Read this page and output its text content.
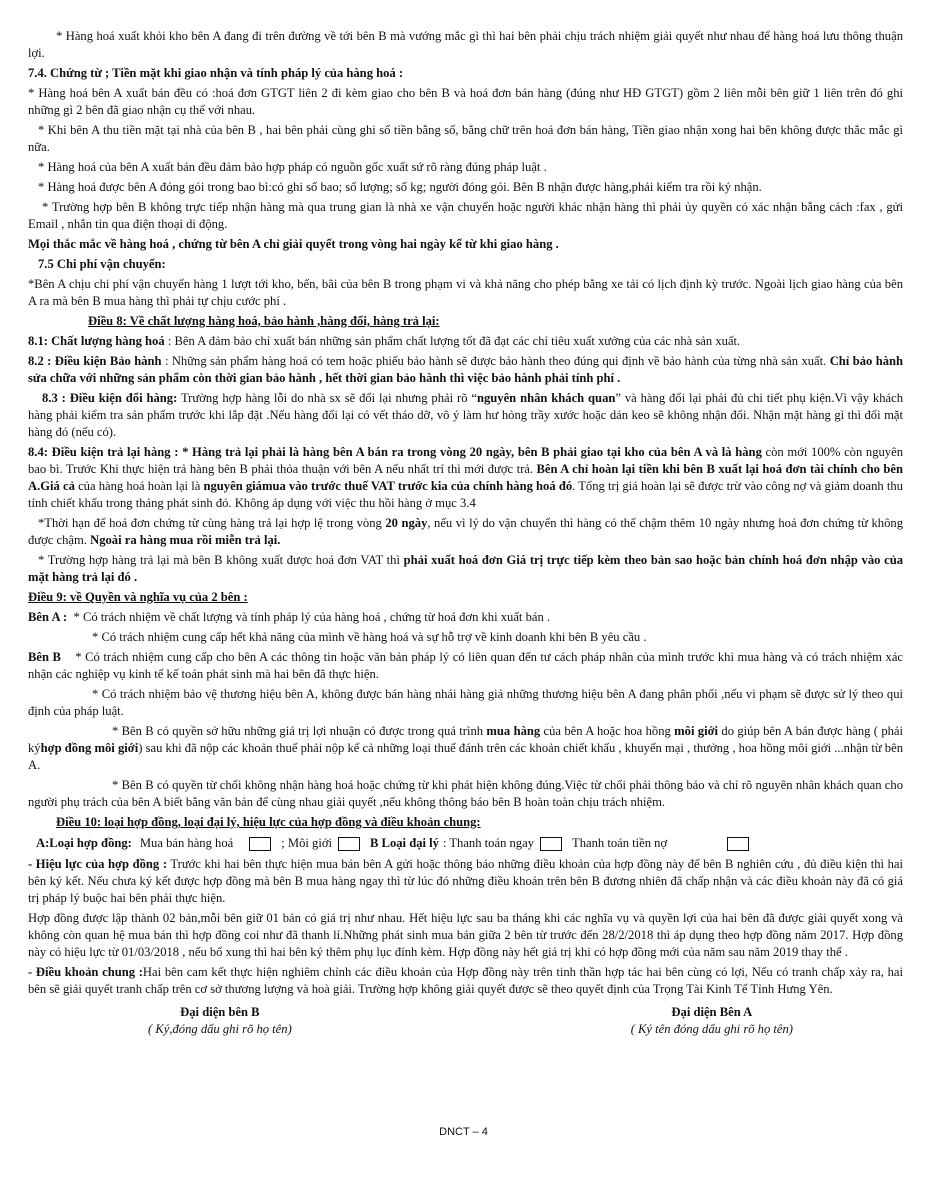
* Hàng hoá xuất khỏi kho bên A đang đi trên đường về tới bên B mà vướng mắc gì thì hai bên phải chịu trách nhiệm giải quyết như nhau để hàng hoá lưu thông thuận lợi.

7.4. Chứng từ ; Tiền mặt khi giao nhận và tính pháp lý của hàng hoá :

* Hàng hoá bên A xuất bán đều có :hoá đơn GTGT liên 2 đi kèm giao cho bên B và hoá đơn bán hàng (đúng như HĐ GTGT) gồm 2 liên mỗi bên giữ 1 liên trên đó ghi những gì 2 bên đã giao nhận cụ thể với nhau.

* Khi bên A thu tiền mặt tại nhà của bên B , hai bên phải cùng ghi số tiền bằng số, bằng chữ trên hoá đơn bán hàng, Tiền giao nhận xong hai bên không được thắc mắc gì nữa.

* Hàng hoá của bên A xuất bán đều đảm bảo hợp pháp có nguồn gốc xuất sứ rõ ràng đúng pháp luật .

* Hàng hoá được bên A đóng gói trong bao bì:có ghi số bao; số lượng; số kg; người đóng gói. Bên B nhận được hàng,phải kiểm tra rồi ký nhận.

* Trường hợp bên B không trực tiếp nhận hàng mà qua trung gian là nhà xe vận chuyển hoặc người khác nhận hàng thì phải ủy quyền có xác nhận bằng cách :fax , gửi Email , nhắn tin qua điện thoại di động.

Mọi thắc mắc về hàng hoá , chứng từ bên A chỉ giải quyết trong vòng hai ngày kể từ khi giao hàng .

7.5 Chi phí vận chuyển:

*Bên A chịu chi phí vận chuyển hàng 1 lượt tới kho, bến, bãi của bên B trong phạm vi và khả năng cho phép bằng xe tải có lịch định kỳ trước. Ngoài lịch giao hàng của bên A ra mà bên B mua hàng thì phải tự chịu cước phí .

Điều 8: Về chất lượng hàng hoá, bảo hành ,hàng đổi, hàng trả lại:

8.1: Chất lượng hàng hoá : Bên A đảm bảo chỉ xuất bán những sản phẩm chất lượng tốt đã đạt các chỉ tiêu xuất xưởng của các nhà sản xuất.

8.2 : Điều kiện Bảo hành : Những sản phẩm hàng hoá có tem hoặc phiếu bảo hành sẽ được bảo hành theo đúng qui định về bảo hành của từng nhà sản xuất. Chỉ bảo hành sửa chữa với những sản phẩm còn thời gian bảo hành , hết thời gian bảo hành thì việc bảo hành phải tính phí .

8.3 : Điều kiện đổi hàng: Trường hợp hàng lỗi do nhà sx sẽ đổi lại nhưng phải rõ “nguyên nhân khách quan” và hàng đổi lại phải đủ chi tiết phụ kiện.Vì vậy khách hàng phải kiểm tra sản phẩm trước khi lắp đặt .Nếu hàng đổi lại có vết tháo dỡ, vô ý làm hư hỏng trầy xước hoặc dán keo sẽ không nhận đổi. Nhận mặt hàng gì thì đổi mặt hàng đó (nếu có).

8.4: Điều kiện trả lại hàng : * Hàng trả lại phải là hàng bên A bán ra trong vòng 20 ngày, bên B phải giao tại kho của bên A và là hàng còn mới 100% còn nguyên bao bì. Trước Khi thực hiện trả hàng bên B phải thỏa thuận với bên A nếu nhất trí thì mới được trả. Bên A chỉ hoàn lại tiền khi bên B xuất lại hoá đơn tài chính cho bên A.Giá cả của hàng hoá hoàn lại là nguyên giámua vào trước thuế VAT trước kia của chính hàng hoá đó. Tổng trị giá hoàn lại sẽ được trừ vào công nợ và giảm doanh thu tính chiết khấu trong tháng phát sinh đó. Không áp dụng với việc thu hồi hàng ở mục 3.4

*Thời hạn để hoá đơn chứng từ cùng hàng trả lại hợp lệ trong vòng 20 ngày, nếu vì lý do vận chuyển thì hàng có thể chậm thêm 10 ngày nhưng hoá đơn chứng từ không được chậm. Ngoài ra hàng mua rồi miễn trả lại.

* Trường hợp hàng trả lại mà bên B không xuất được hoá đơn VAT thì phải xuất hoá đơn Giá trị trực tiếp kèm theo bản sao hoặc bản chính hoá đơn nhập vào của mặt hàng trả lại đó .

Điều 9: về Quyền và nghĩa vụ của 2 bên :

Bên A : * Có trách nhiệm về chất lượng và tính pháp lý của hàng hoá , chứng từ hoá đơn khi xuất bán .

* Có trách nhiệm cung cấp hết khả năng của mình về hàng hoá và sự hỗ trợ về kinh doanh khi bên B yêu cầu .

Bên B * Có trách nhiệm cung cấp cho bên A các thông tin hoặc văn bản pháp lý có liên quan đến tư cách pháp nhân của mình trước khi mua hàng và có trách nhiệm xác nhận các nghiệp vụ kinh tế kế toán phát sinh mà hai bên đã thực hiện.

* Có trách nhiệm bảo vệ thương hiệu bên A, không được bán hàng nhái hàng giả những thương hiệu bên A đang phân phối ,nếu vi phạm sẽ được sử lý theo qui định của pháp luật.

* Bên B có quyền sở hữu những giá trị lợi nhuận có được trong quá trình mua hàng của bên A hoặc hoa hồng môi giới do giúp bên A bán được hàng ( phải kýhợp đồng môi giới) sau khi đã nộp các khoản thuế phải nộp kể cả những loại thuế đánh trên các khoản chiết khấu , khuyến mại , thưởng , hoa hồng môi giới ...nhận từ bên A.

* Bên B có quyền từ chối không nhận hàng hoá hoặc chứng từ khi phát hiện không đúng.Việc từ chối phải thông báo và chỉ rõ nguyên nhân khách quan cho người phụ trách của bên A biết bằng văn bản để cùng nhau giải quyết ,nếu không thông báo bên B hoàn toàn chịu trách nhiệm.

Điều 10: loại hợp đồng, loại đại lý, hiệu lực của hợp đồng và điều khoản chung:

A:Loại hợp đồng: Mua bán hàng hoá	; Môi giới	B Loại đại lý : Thanh toán ngay	Thanh toán tiền nợ

- Hiệu lực của hợp đồng : Trước khi hai bên thực hiện mua bán bên A gửi hoặc thông báo những điều khoản của hợp đồng này để bên B nghiên cứu , đủ điều kiện thì hai bên ký kết. Nếu chưa ký kết được hợp đồng mà bên B mua hàng ngay thì từ lúc đó những điều khoản trên bên B đương nhiên đã chấp nhận và các điều khoản này đã có giá trị pháp lý buộc hai bên phải thực hiện.

Hợp đồng được lập thành 02 bản,mỗi bên giữ 01 bản có giá trị như nhau. Hết hiệu lực sau ba tháng khi các nghĩa vụ và quyền lợi của hai bên đã được giải quyết xong và không còn quan hệ mua bán thì hợp đồng coi như đã thanh lí.Những phát sinh mua bán giữa 2 bên từ trước đến 28/2/2018 thì áp dụng theo hợp đồng năm 2017. Hợp đồng này có hiệu lực từ 01/03/2018 , nếu bổ xung thì hai bên ký thêm phụ lục đính kèm. Hợp đồng này hết giá trị khi có hợp đồng mới của năm sau năm 2019 thay thế .

- Điều khoản chung :Hai bên cam kết thực hiện nghiêm chỉnh các điều khoản của Hợp đồng này trên tinh thần hợp tác hai bên cùng có lợi, Nếu có tranh chấp xảy ra, hai bên sẽ giải quyết tranh chấp trên cơ sở thương lượng và hoà giải. Trường hợp không giải quyết được sẽ theo quyết định của Trọng Tài Kinh Tế Tỉnh Hưng Yên.

Đại diện bên B
( Ký,đóng dấu ghi rõ họ tên)
Đại diện Bên A
( Ký tên đóng dấu ghi rõ họ tên)
DNCT – 4
